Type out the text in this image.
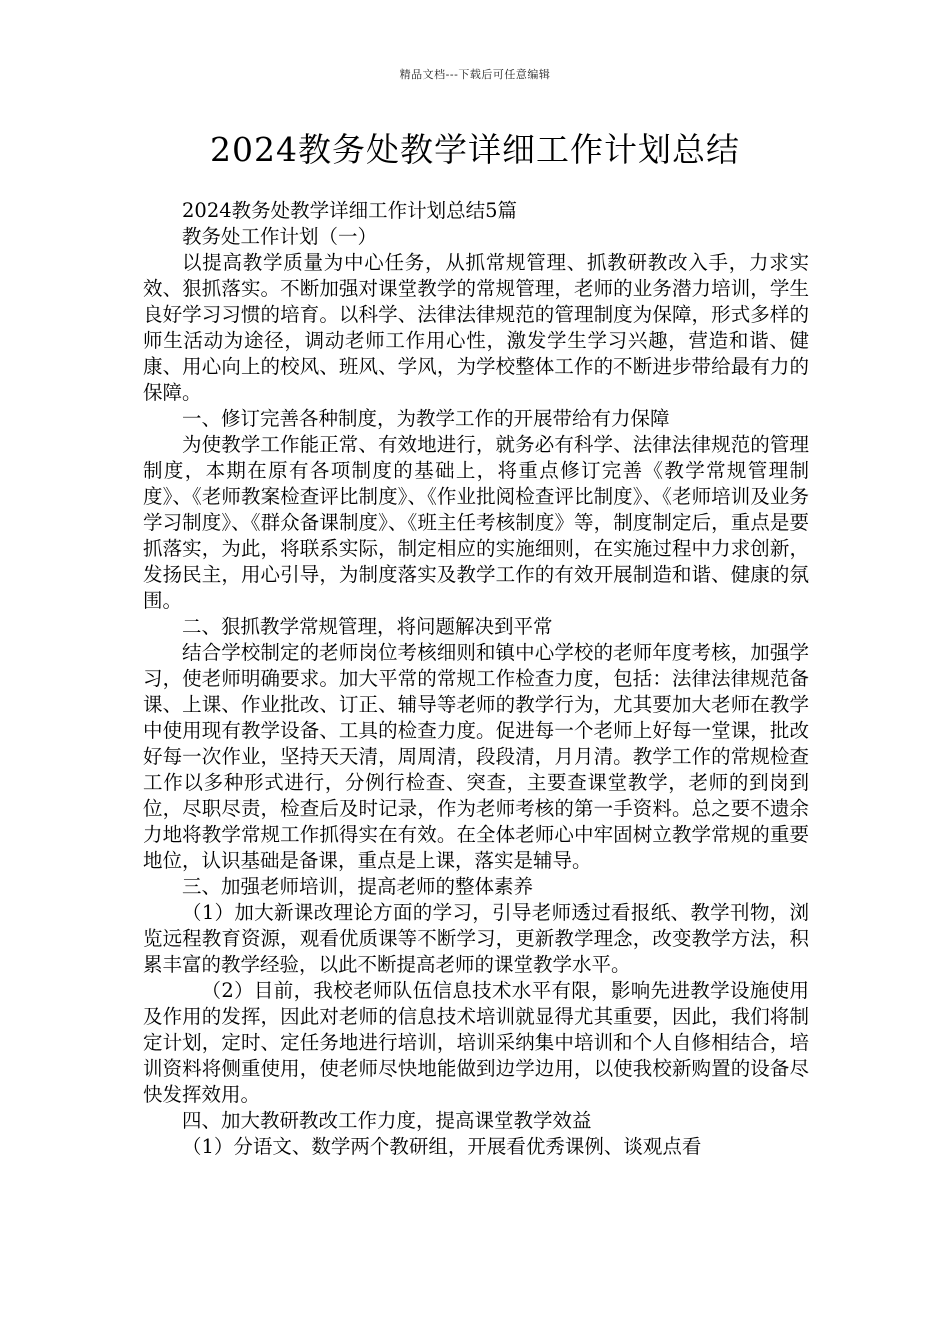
精品文档---下载后可任意编辑
2024教务处教学详细工作计划总结

2024教务处教学详细工作计划总结5篇

教务处工作计划（一）

以提高教学质量为中心任务，从抓常规管理、抓教研教改入手，力求实效、狠抓落实。不断加强对课堂教学的常规管理，老师的业务潜力培训，学生良好学习习惯的培育。以科学、法律法律规范的管理制度为保障，形式多样的师生活动为途径，调动老师工作用心性，激发学生学习兴趣，营造和谐、健康、用心向上的校风、班风、学风，为学校整体工作的不断进步带给最有力的保障。

一、修订完善各种制度，为教学工作的开展带给有力保障

为使教学工作能正常、有效地进行，就务必有科学、法律法律规范的管理制度，本期在原有各项制度的基础上，将重点修订完善《教学常规管理制度》、《老师教案检查评比制度》、《作业批阅检查评比制度》、《老师培训及业务学习制度》、《群众备课制度》、《班主任考核制度》等，制度制定后，重点是要抓落实，为此，将联系实际，制定相应的实施细则，在实施过程中力求创新，发扬民主，用心引导，为制度落实及教学工作的有效开展制造和谐、健康的氛围。

二、狠抓教学常规管理，将问题解决到平常

结合学校制定的老师岗位考核细则和镇中心学校的老师年度考核，加强学习，使老师明确要求。加大平常的常规工作检查力度，包括：法律法律规范备课、上课、作业批改、订正、辅导等老师的教学行为，尤其要加大老师在教学中使用现有教学设备、工具的检查力度。促进每一个老师上好每一堂课，批改好每一次作业，坚持天天清，周周清，段段清，月月清。教学工作的常规检查工作以多种形式进行，分例行检查、突查，主要查课堂教学，老师的到岗到位，尽职尽责，检查后及时记录，作为老师考核的第一手资料。总之要不遗余力地将教学常规工作抓得实在有效。在全体老师心中牢固树立教学常规的重要地位，认识基础是备课，重点是上课，落实是辅导。

三、加强老师培训，提高老师的整体素养

（1）加大新课改理论方面的学习，引导老师透过看报纸、教学刊物，浏览远程教育资源，观看优质课等不断学习，更新教学理念，改变教学方法，积累丰富的教学经验，以此不断提高老师的课堂教学水平。

（2）目前，我校老师队伍信息技术水平有限，影响先进教学设施使用及作用的发挥，因此对老师的信息技术培训就显得尤其重要，因此，我们将制定计划，定时、定任务地进行培训，培训采纳集中培训和个人自修相结合，培训资料将侧重使用，使老师尽快地能做到边学边用，以使我校新购置的设备尽快发挥效用。

四、加大教研教改工作力度，提高课堂教学效益

（1）分语文、数学两个教研组，开展看优秀课例、谈观点看
